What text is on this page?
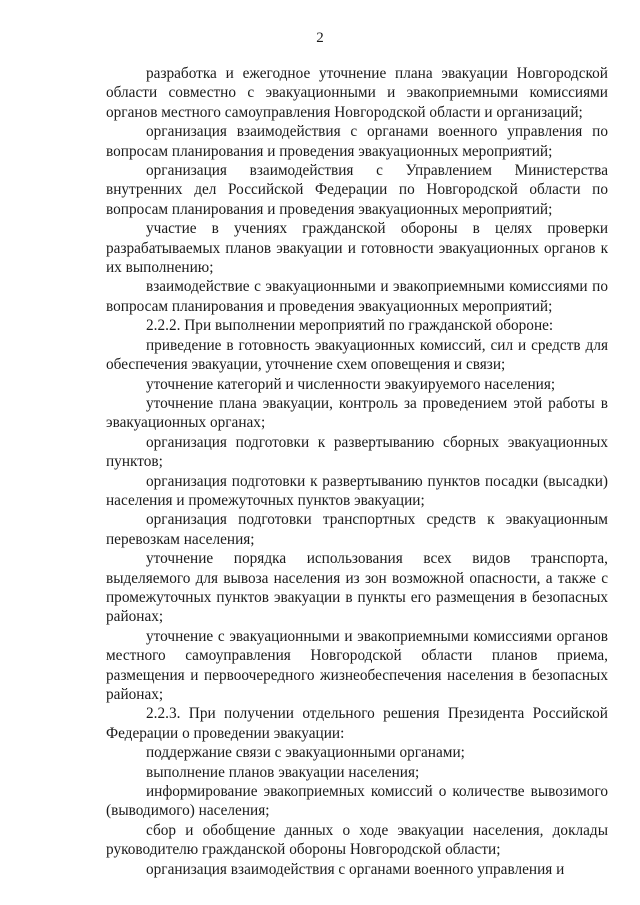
2

разработка и ежегодное уточнение плана эвакуации Новгородской области совместно с эвакуационными и эвакоприемными комиссиями органов местного самоуправления Новгородской области и организаций;

организация взаимодействия с органами военного управления по вопросам планирования и проведения эвакуационных мероприятий;

организация взаимодействия с Управлением Министерства внутренних дел Российской Федерации по Новгородской области по вопросам планирования и проведения эвакуационных мероприятий;

участие в учениях гражданской обороны в целях проверки разрабатываемых планов эвакуации и готовности эвакуационных органов к их выполнению;

взаимодействие с эвакуационными и эвакоприемными комиссиями по вопросам планирования и проведения эвакуационных мероприятий;

2.2.2. При выполнении мероприятий по гражданской обороне:

приведение в готовность эвакуационных комиссий, сил и средств для обеспечения эвакуации, уточнение схем оповещения и связи;

уточнение категорий и численности эвакуируемого населения;

уточнение плана эвакуации, контроль за проведением этой работы в эвакуационных органах;

организация подготовки к развертыванию сборных эвакуационных пунктов;

организация подготовки к развертыванию пунктов посадки (высадки) населения и промежуточных пунктов эвакуации;

организация подготовки транспортных средств к эвакуационным перевозкам населения;

уточнение порядка использования всех видов транспорта, выделяемого для вывоза населения из зон возможной опасности, а также с промежуточных пунктов эвакуации в пункты его размещения в безопасных районах;

уточнение с эвакуационными и эвакоприемными комиссиями органов местного самоуправления Новгородской области планов приема, размещения и первоочередного жизнеобеспечения населения в безопасных районах;

2.2.3. При получении отдельного решения Президента Российской Федерации о проведении эвакуации:

поддержание связи с эвакуационными органами;

выполнение планов эвакуации населения;

информирование эвакоприемных комиссий о количестве вывозимого (выводимого) населения;

сбор и обобщение данных о ходе эвакуации населения, доклады руководителю гражданской обороны Новгородской области;

организация взаимодействия с органами военного управления и
